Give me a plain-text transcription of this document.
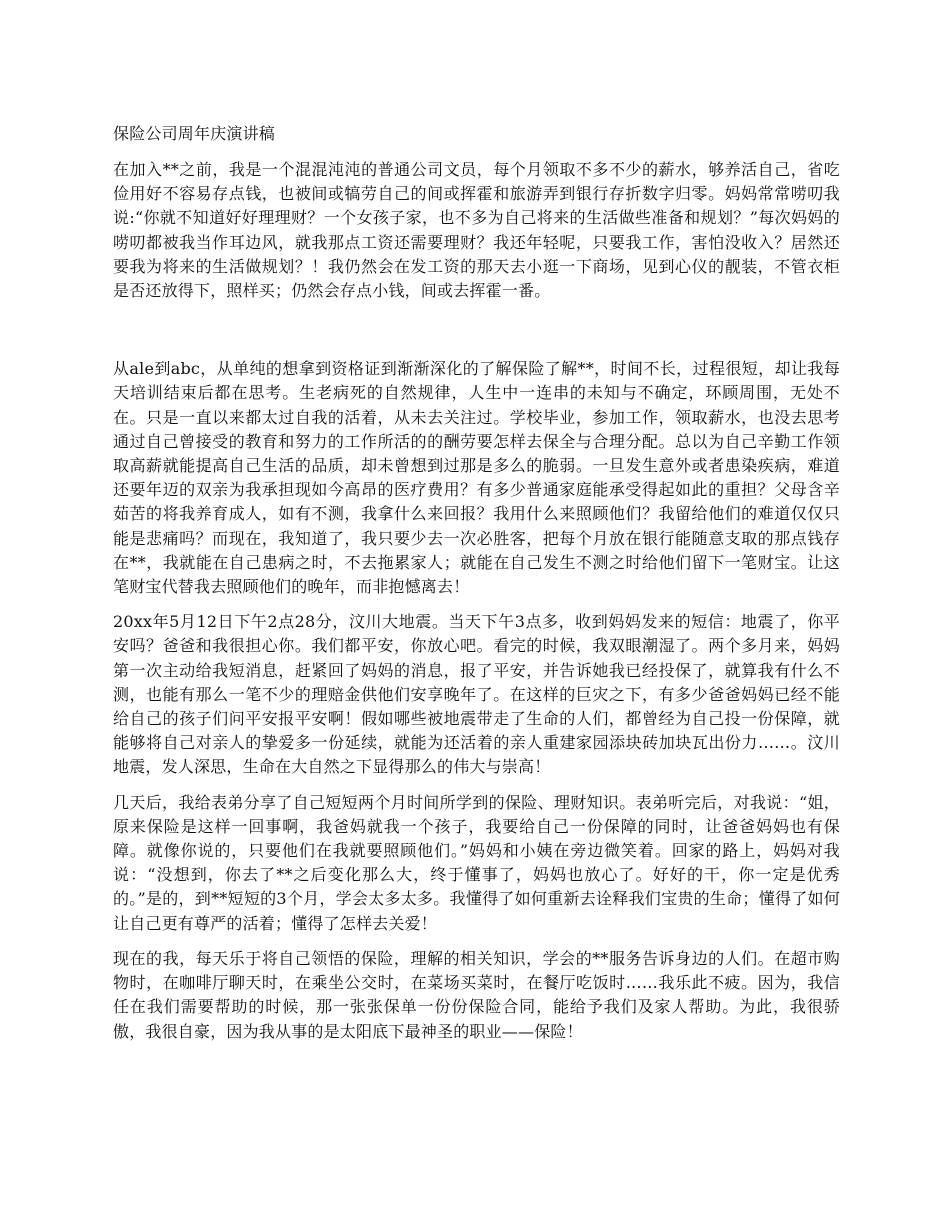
保险公司周年庆演讲稿

在加入**之前，我是一个混混沌沌的普通公司文员，每个月领取不多不少的薪水，够养活自己，省吃俭用好不容易存点钱，也被间或犒劳自己的间或挥霍和旅游弄到银行存折数字归零。妈妈常常唠叨我说:“你就不知道好好理理财？一个女孩子家，也不多为自己将来的生活做些准备和规划？”每次妈妈的唠叨都被我当作耳边风，就我那点工资还需要理财？我还年轻呢，只要我工作，害怕没收入？居然还要我为将来的生活做规划？！我仍然会在发工资的那天去小逛一下商场，见到心仪的靓装，不管衣柜是否还放得下，照样买；仍然会存点小钱，间或去挥霍一番。

从ale到abc，从单纯的想拿到资格证到渐渐深化的了解保险了解**，时间不长，过程很短，却让我每天培训结束后都在思考。生老病死的自然规律，人生中一连串的未知与不确定，环顾周围，无处不在。只是一直以来都太过自我的活着，从未去关注过。学校毕业，参加工作，领取薪水，也没去思考通过自己曾接受的教育和努力的工作所活的的酬劳要怎样去保全与合理分配。总以为自己辛勤工作领取高薪就能提高自己生活的品质，却未曾想到过那是多么的脆弱。一旦发生意外或者患染疾病，难道还要年迈的双亲为我承担现如今高昂的医疗费用？有多少普通家庭能承受得起如此的重担？父母含辛茹苦的将我养育成人，如有不测，我拿什么来回报？我用什么来照顾他们？我留给他们的难道仅仅只能是悲痛吗？而现在，我知道了，我只要少去一次必胜客，把每个月放在银行能随意支取的那点钱存在**，我就能在自己患病之时，不去拖累家人；就能在自己发生不测之时给他们留下一笔财宝。让这笔财宝代替我去照顾他们的晚年，而非抱憾离去！

20xx年5月12日下午2点28分，汶川大地震。当天下午3点多，收到妈妈发来的短信：地震了，你平安吗？爸爸和我很担心你。我们都平安，你放心吧。看完的时候，我双眼潮湿了。两个多月来，妈妈第一次主动给我短消息，赶紧回了妈妈的消息，报了平安，并告诉她我已经投保了，就算我有什么不测，也能有那么一笔不少的理赔金供他们安享晚年了。在这样的巨灾之下，有多少爸爸妈妈已经不能给自己的孩子们问平安报平安啊！假如哪些被地震带走了生命的人们，都曾经为自己投一份保障，就能够将自己对亲人的挚爱多一份延续，就能为还活着的亲人重建家园添块砖加块瓦出份力……。汶川地震，发人深思，生命在大自然之下显得那么的伟大与崇高！

几天后，我给表弟分享了自己短短两个月时间所学到的保险、理财知识。表弟听完后，对我说：“姐，原来保险是这样一回事啊，我爸妈就我一个孩子，我要给自己一份保障的同时，让爸爸妈妈也有保障。就像你说的，只要他们在我就要照顾他们。”妈妈和小姨在旁边微笑着。回家的路上，妈妈对我说：“没想到，你去了**之后变化那么大，终于懂事了，妈妈也放心了。好好的干，你一定是优秀的。”是的，到**短短的3个月，学会太多太多。我懂得了如何重新去诠释我们宝贵的生命；懂得了如何让自己更有尊严的活着；懂得了怎样去关爱！

现在的我，每天乐于将自己领悟的保险，理解的相关知识，学会的**服务告诉身边的人们。在超市购物时，在咖啡厅聊天时，在乘坐公交时，在菜场买菜时，在餐厅吃饭时……我乐此不疲。因为，我信任在我们需要帮助的时候，那一张张保单一份份保险合同，能给予我们及家人帮助。为此，我很骄傲，我很自豪，因为我从事的是太阳底下最神圣的职业——保险！
